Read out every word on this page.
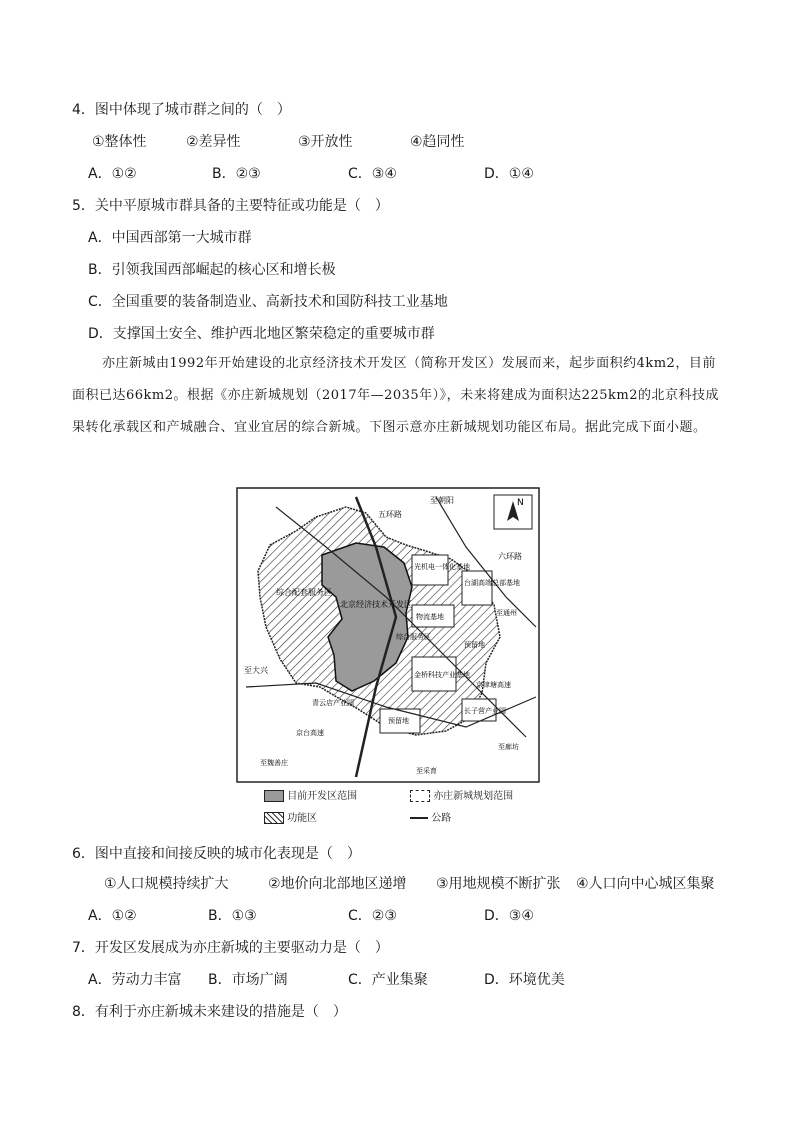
4．图中体现了城市群之间的（　）
①整体性	②差异性	③开放性	④趋同性
A．①②	B．②③	C．③④	D．①④
5．关中平原城市群具备的主要特征或功能是（　）
A．中国西部第一大城市群
B．引领我国西部崛起的核心区和增长极
C．全国重要的装备制造业、高新技术和国防科技工业基地
D．支撑国土安全、维护西北地区繁荣稳定的重要城市群
亦庄新城由1992年开始建设的北京经济技术开发区（简称开发区）发展而来，起步面积约4km2，目前面积已达66km2。根据《亦庄新城规划（2017年—2035年）》，未来将建成为面积达225km2的北京科技成果转化承载区和产城融合、宜业宜居的综合新城。下图示意亦庄新城规划功能区布局。据此完成下面小题。
N
至朝阳
五环路
六环路
光机电一体化基地
台湖高端总部基地
至通州
综合配套服务区
北京经济技术开发区
物流基地
综合服务区
预留地
金桥科技产业基地
至大兴
青云店产业园
京台高速
预留地
长子营产业园
京津塘高速
至廊坊
至采育
至魏善庄
目前开发区范围	亦庄新城规划范围
功能区	公路
6．图中直接和间接反映的城市化表现是（　）
①人口规模持续扩大	②地价向北部地区递增 ③用地规模不断扩张 ④人口向中心城区集聚
A．①②	B．①③	C．②③	D．③④
7．开发区发展成为亦庄新城的主要驱动力是（　）
A．劳动力丰富 B．市场广阔	C．产业集聚	D．环境优美
8．有利于亦庄新城未来建设的措施是（　）
